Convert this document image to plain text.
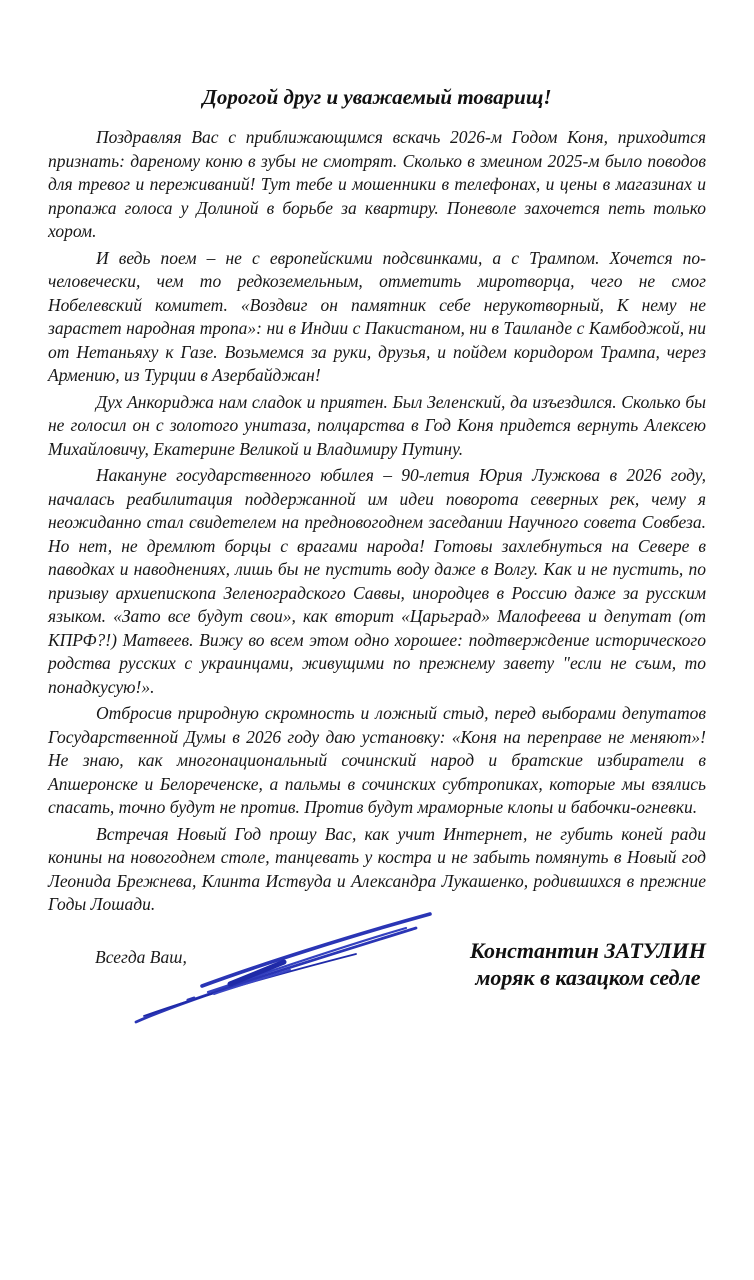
Дорогой друг и уважаемый товарищ!

Поздравляя Вас с приближающимся вскачь 2026-м Годом Коня, приходится признать: дареному коню в зубы не смотрят. Сколько в змеином 2025-м было поводов для тревог и переживаний! Тут тебе и мошенники в телефонах, и цены в магазинах и пропажа голоса у Долиной в борьбе за квартиру. Поневоле захочется петь только хором.

И ведь поем – не с европейскими подсвинками, а с Трампом. Хочется по-человечески, чем то редкоземельным, отметить миротворца, чего не смог Нобелевский комитет. «Воздвиг он памятник себе нерукотворный, К нему не зарастет народная тропа»: ни в Индии с Пакистаном, ни в Таиланде с Камбоджой, ни от Нетаньяху к Газе. Возьмемся за руки, друзья, и пойдем коридором Трампа, через Армению, из Турции в Азербайджан!

Дух Анкориджа нам сладок и приятен. Был Зеленский, да изъездился. Сколько бы не голосил он с золотого унитаза, полцарства в Год Коня придется вернуть Алексею Михайловичу, Екатерине Великой и Владимиру Путину.

Накануне государственного юбилея – 90-летия Юрия Лужкова в 2026 году, началась реабилитация поддержанной им идеи поворота северных рек, чему я неожиданно стал свидетелем на предновогоднем заседании Научного совета Совбеза. Но нет, не дремлют борцы с врагами народа! Готовы захлебнуться на Севере в паводках и наводнениях, лишь бы не пустить воду даже в Волгу. Как и не пустить, по призыву архиепископа Зеленоградского Саввы, инородцев в Россию даже за русским языком. «Зато все будут свои», как вторит «Царьград» Малофеева и депутат (от КПРФ?!) Матвеев. Вижу во всем этом одно хорошее: подтверждение исторического родства русских с украинцами, живущими по прежнему завету "если не съим, то понадкусую!».

Отбросив природную скромность и ложный стыд, перед выборами депутатов Государственной Думы в 2026 году даю установку: «Коня на переправе не меняют»! Не знаю, как многонациональный сочинский народ и братские избиратели в Апшеронске и Белореченске, а пальмы в сочинских субтропиках, которые мы взялись спасать, точно будут не против. Против будут мраморные клопы и бабочки-огневки.

Встречая Новый Год прошу Вас, как учит Интернет, не губить коней ради конины на новогоднем столе, танцевать у костра и не забыть помянуть в Новый год Леонида Брежнева, Клинта Иствуда и Александра Лукашенко, родившихся в прежние Годы Лошади.

Всегда Ваш,	Константин ЗАТУЛИН
моряк в казацком седле
